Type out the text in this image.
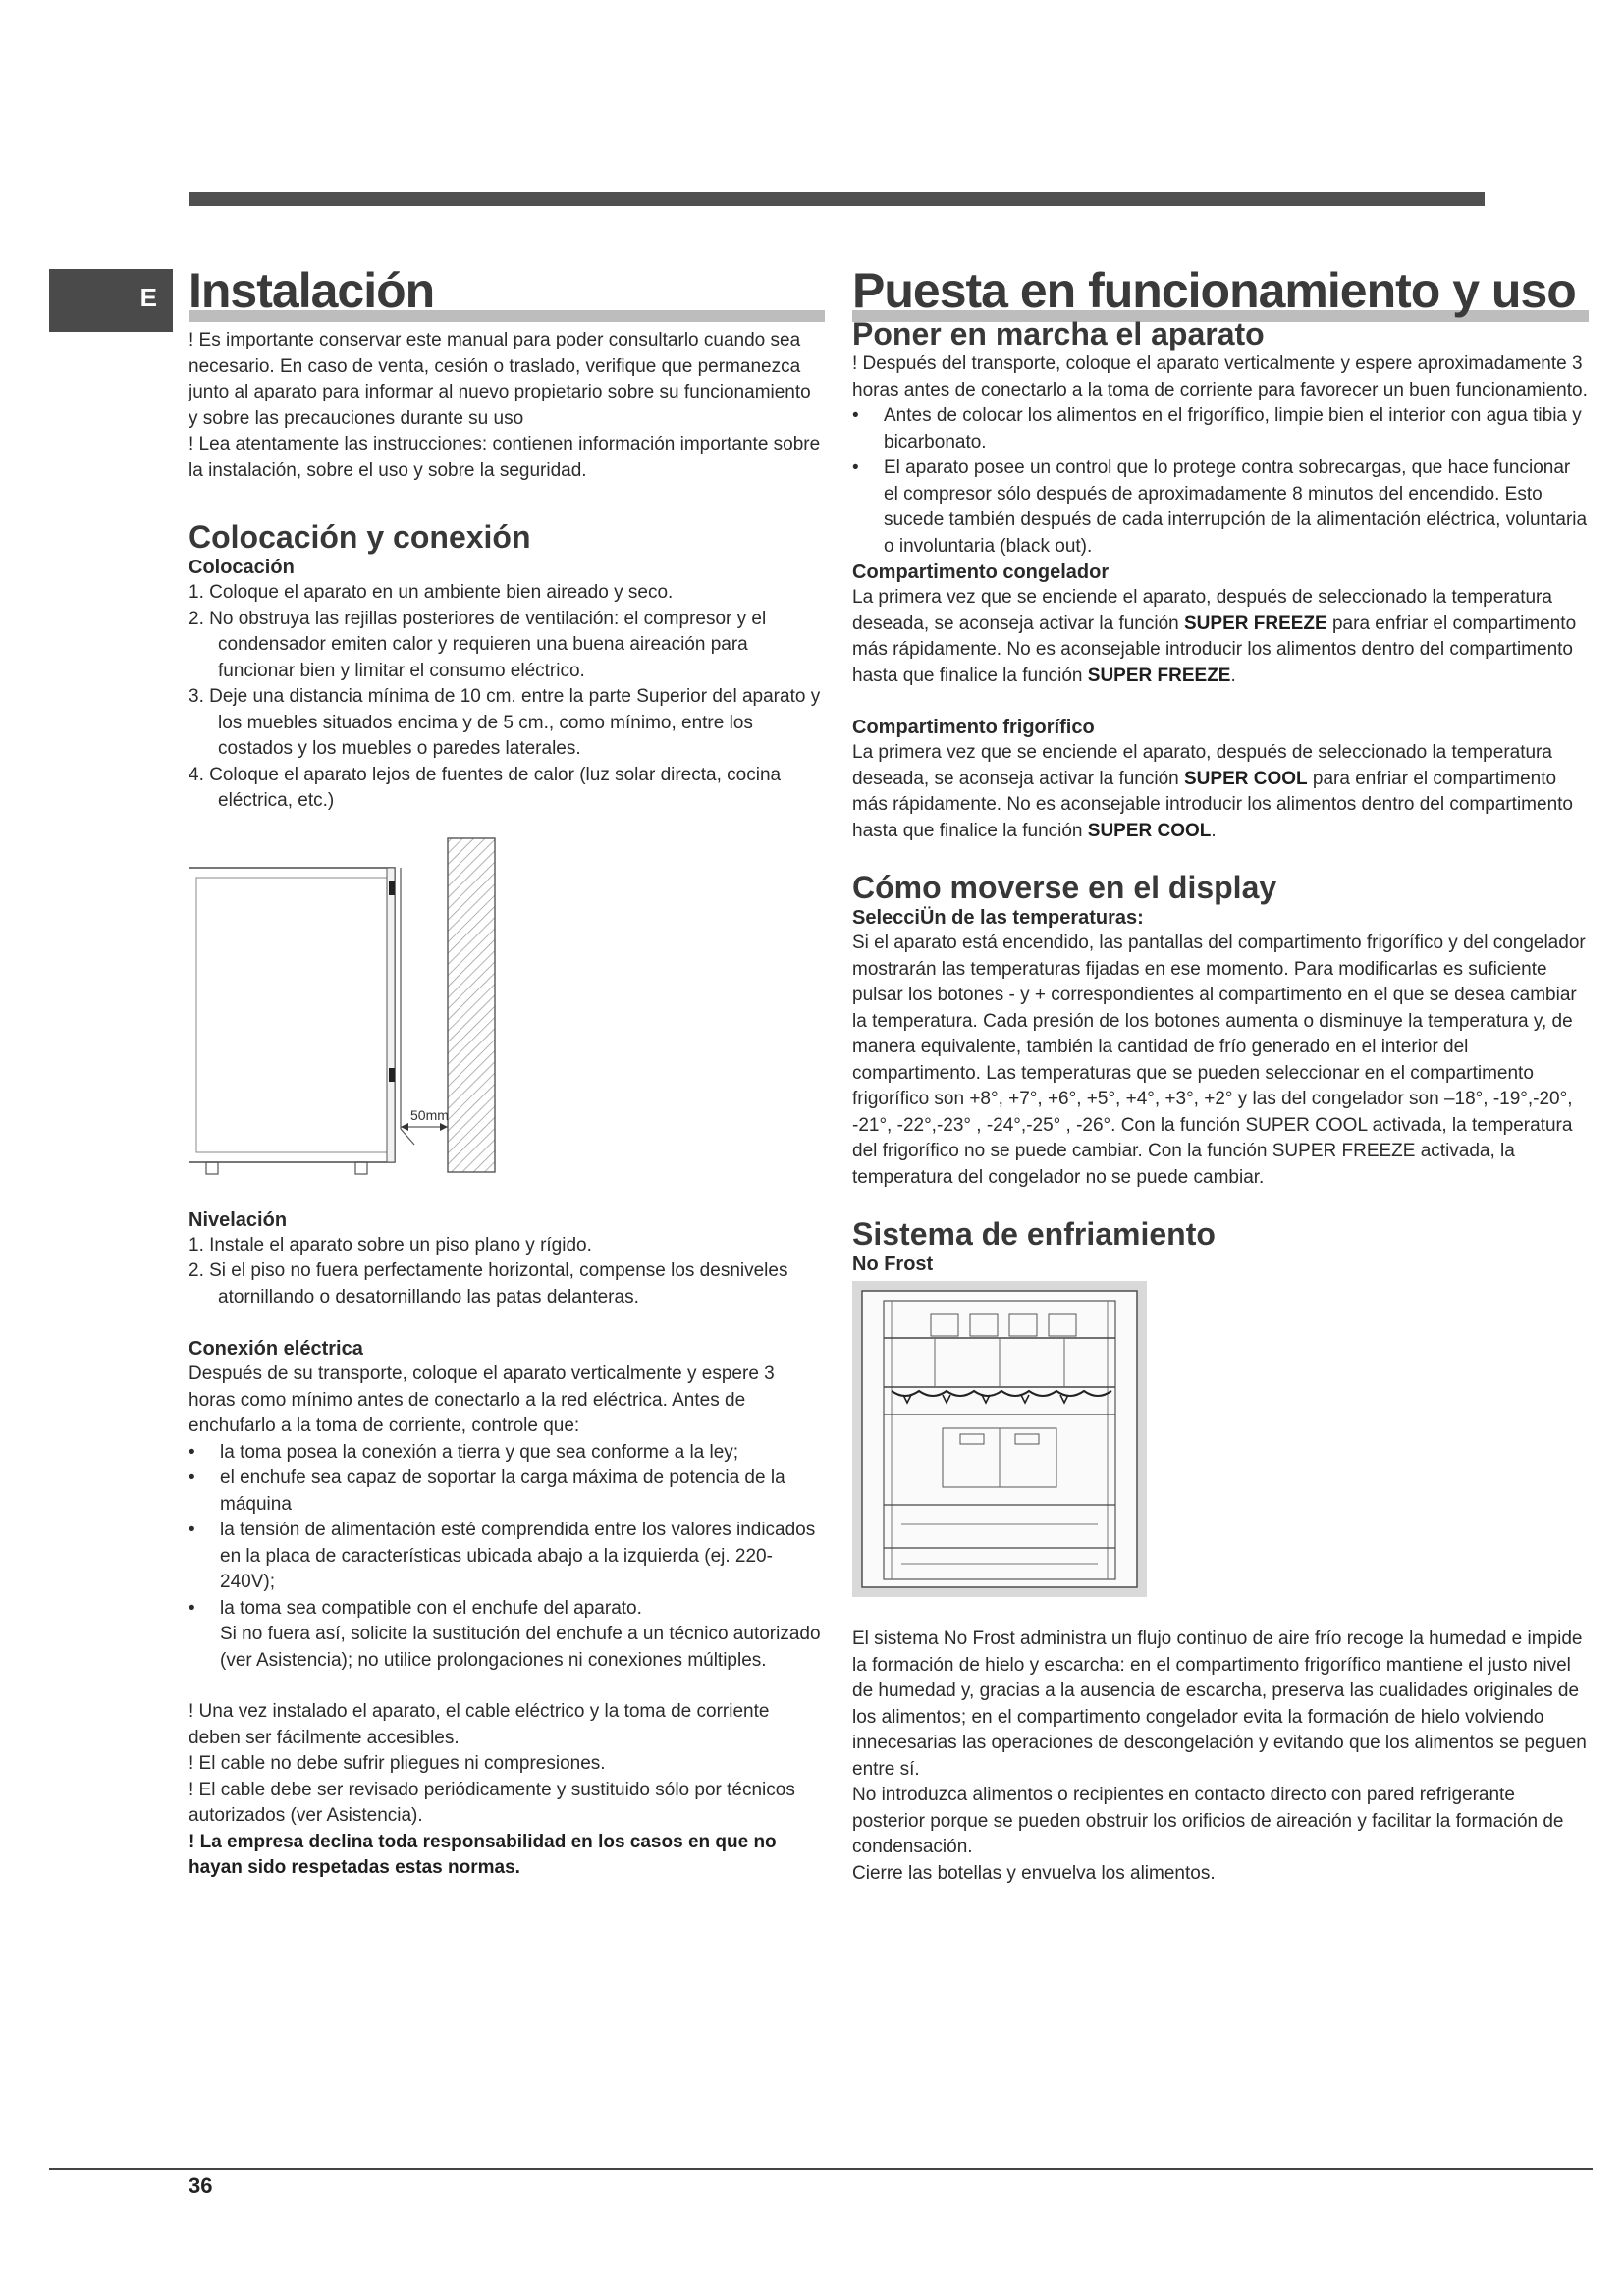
E Instalación

! Es importante conservar este manual para poder consultarlo cuando sea necesario. En caso de venta, cesión o traslado, verifique que permanezca junto al aparato para informar al nuevo propietario sobre su funcionamiento y sobre las precauciones durante su uso

! Lea atentamente las instrucciones: contienen información importante sobre la instalación, sobre el uso y sobre la seguridad.

Colocación y conexión
Colocación

1. Coloque el aparato en un ambiente bien aireado y seco.

2. No obstruya las rejillas posteriores de ventilación: el compresor y el condensador emiten calor y requieren una buena aireación para funcionar bien y limitar el consumo eléctrico.

3. Deje una distancia mínima de 10 cm. entre la parte Superior del aparato y los muebles situados encima y de 5 cm., como mínimo, entre los costados y los muebles o paredes laterales.

4. Coloque el aparato lejos de fuentes de calor (luz solar directa, cocina eléctrica, etc.)

50mm
Nivelación

1. Instale el aparato sobre un piso plano y rígido.

2. Si el piso no fuera perfectamente horizontal, compense los desniveles atornillando o desatornillando las patas delanteras.

Conexión eléctrica

Después de su transporte, coloque el aparato verticalmente y espere 3 horas como mínimo antes de conectarlo a la red eléctrica. Antes de enchufarlo a la toma de corriente, controle que:

• la toma posea la conexión a tierra y que sea conforme a la ley;

• el enchufe sea capaz de soportar la carga máxima de potencia de la máquina

• la tensión de alimentación esté comprendida entre los valores indicados en la placa de características ubicada abajo a la izquierda (ej. 220-240V);

• la toma sea compatible con el enchufe del aparato.

Si no fuera así, solicite la sustitución del enchufe a un técnico autorizado (ver Asistencia); no utilice prolongaciones ni conexiones múltiples.

! Una vez instalado el aparato, el cable eléctrico y la toma de corriente deben ser fácilmente accesibles.

! El cable no debe sufrir pliegues ni compresiones.

! El cable debe ser revisado periódicamente y sustituido sólo por técnicos autorizados (ver Asistencia).

! La empresa declina toda responsabilidad en los casos en que no hayan sido respetadas estas normas.

Puesta en funcionamiento y uso
Poner en marcha el aparato

! Después del transporte, coloque el aparato verticalmente y espere aproximadamente 3 horas antes de conectarlo a la toma de corriente para favorecer un buen funcionamiento.

• Antes de colocar los alimentos en el frigorífico, limpie bien el interior con agua tibia y bicarbonato.

• El aparato posee un control que lo protege contra sobrecargas, que hace funcionar el compresor sólo después de aproximadamente 8 minutos del encendido. Esto sucede también después de cada interrupción de la alimentación eléctrica, voluntaria o involuntaria (black out).

Compartimento congelador

La primera vez que se enciende el aparato, después de seleccionado la temperatura deseada, se aconseja activar la función SUPER FREEZE para enfriar el compartimento más rápidamente. No es aconsejable introducir los alimentos dentro del compartimento hasta que finalice la función SUPER FREEZE.

Compartimento frigorífico

La primera vez que se enciende el aparato, después de seleccionado la temperatura deseada, se aconseja activar la función SUPER COOL para enfriar el compartimento más rápidamente. No es aconsejable introducir los alimentos dentro del compartimento hasta que finalice la función SUPER COOL.

Cómo moverse en el display
SelecciÜn de las temperaturas:

Si el aparato está encendido, las pantallas del compartimento frigorífico y del congelador mostrarán las temperaturas fijadas en ese momento. Para modificarlas es suficiente pulsar los botones - y + correspondientes al compartimento en el que se desea cambiar la temperatura. Cada presión de los botones aumenta o disminuye la temperatura y, de manera equivalente, también la cantidad de frío generado en el interior del compartimento. Las temperaturas que se pueden seleccionar en el compartimento frigorífico son +8°, +7°, +6°, +5°, +4°, +3°, +2° y las del congelador son –18°, -19°,-20°, -21°, -22°,-23° , -24°,-25° , -26°. Con la función SUPER COOL activada, la temperatura del frigorífico no se puede cambiar. Con la función SUPER FREEZE activada, la temperatura del congelador no se puede cambiar.

Sistema de enfriamiento
No Frost

El sistema No Frost administra un flujo continuo de aire frío recoge la humedad e impide la formación de hielo y escarcha: en el compartimento frigorífico mantiene el justo nivel de humedad y, gracias a la ausencia de escarcha, preserva las cualidades originales de los alimentos; en el compartimento congelador evita la formación de hielo volviendo innecesarias las operaciones de descongelación y evitando que los alimentos se peguen entre sí.

No introduzca alimentos o recipientes en contacto directo con pared refrigerante posterior porque se pueden obstruir los orificios de aireación y facilitar la formación de condensación.

Cierre las botellas y envuelva los alimentos.

36
